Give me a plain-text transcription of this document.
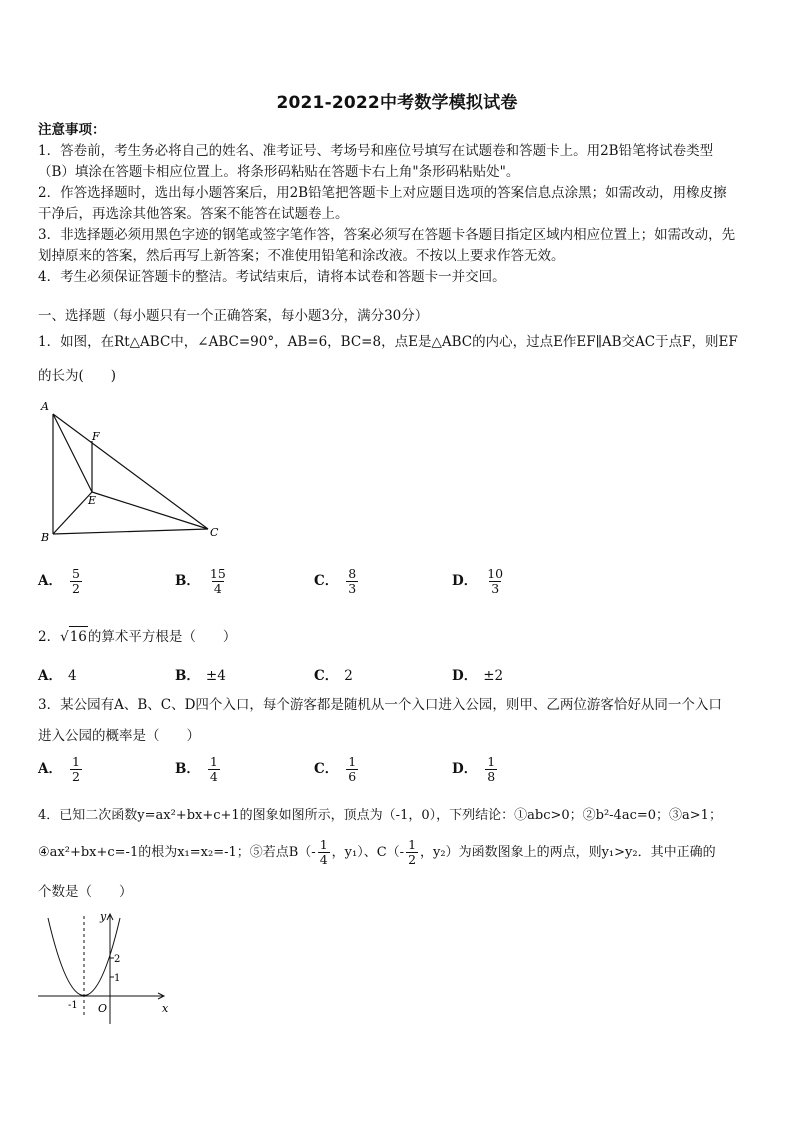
2021-2022中考数学模拟试卷
注意事项：
1．答卷前，考生务必将自己的姓名、准考证号、考场号和座位号填写在试题卷和答题卡上。用2B铅笔将试卷类型
（B）填涂在答题卡相应位置上。将条形码粘贴在答题卡右上角"条形码粘贴处"。
2．作答选择题时，选出每小题答案后，用2B铅笔把答题卡上对应题目选项的答案信息点涂黑；如需改动，用橡皮擦
干净后，再选涂其他答案。答案不能答在试题卷上。
3．非选择题必须用黑色字迹的钢笔或签字笔作答，答案必须写在答题卡各题目指定区域内相应位置上；如需改动，先
划掉原来的答案，然后再写上新答案；不准使用铅笔和涂改液。不按以上要求作答无效。
4．考生必须保证答题卡的整洁。考试结束后，请将本试卷和答题卡一并交回。
一、选择题（每小题只有一个正确答案，每小题3分，满分30分）
1．如图，在Rt△ABC中，∠ABC=90°，AB=6，BC=8，点E是△ABC的内心，过点E作EF∥AB交AC于点F，则EF
的长为(　　)
A
B	C
F
E
A． $\frac{5}{2}$	B． $\frac{15}{4}$	C． $\frac{8}{3}$	D． $\frac{10}{3}$
2． √ 16 的算术平方根是（　　）
A． 4	B． ±4	C． 2	D． ±2
3．某公园有A、B、C、D四个入口，每个游客都是随机从一个入口进入公园，则甲、乙两位游客恰好从同一个入口
进入公园的概率是（　　）
A． $\frac{1}{2}$	B． $\frac{1}{4}$	C． $\frac{1}{6}$	D． $\frac{1}{8}$
4．已知二次函数y=ax²+bx+c+1的图象如图所示，顶点为（-1，0），下列结论：①abc>0；②b²-4ac=0；③a>1；
④ax²+bx+c=-1的根为x₁=x₂=-1；⑤若点$B(- \frac{1}{4}$ ，y₁）、$C(- \frac{1}{2}$ ，y₂）为函数图象上的两点，则y₁>y₂．其中正确的
个数是（　　）
y
x
O
2
1
-1
